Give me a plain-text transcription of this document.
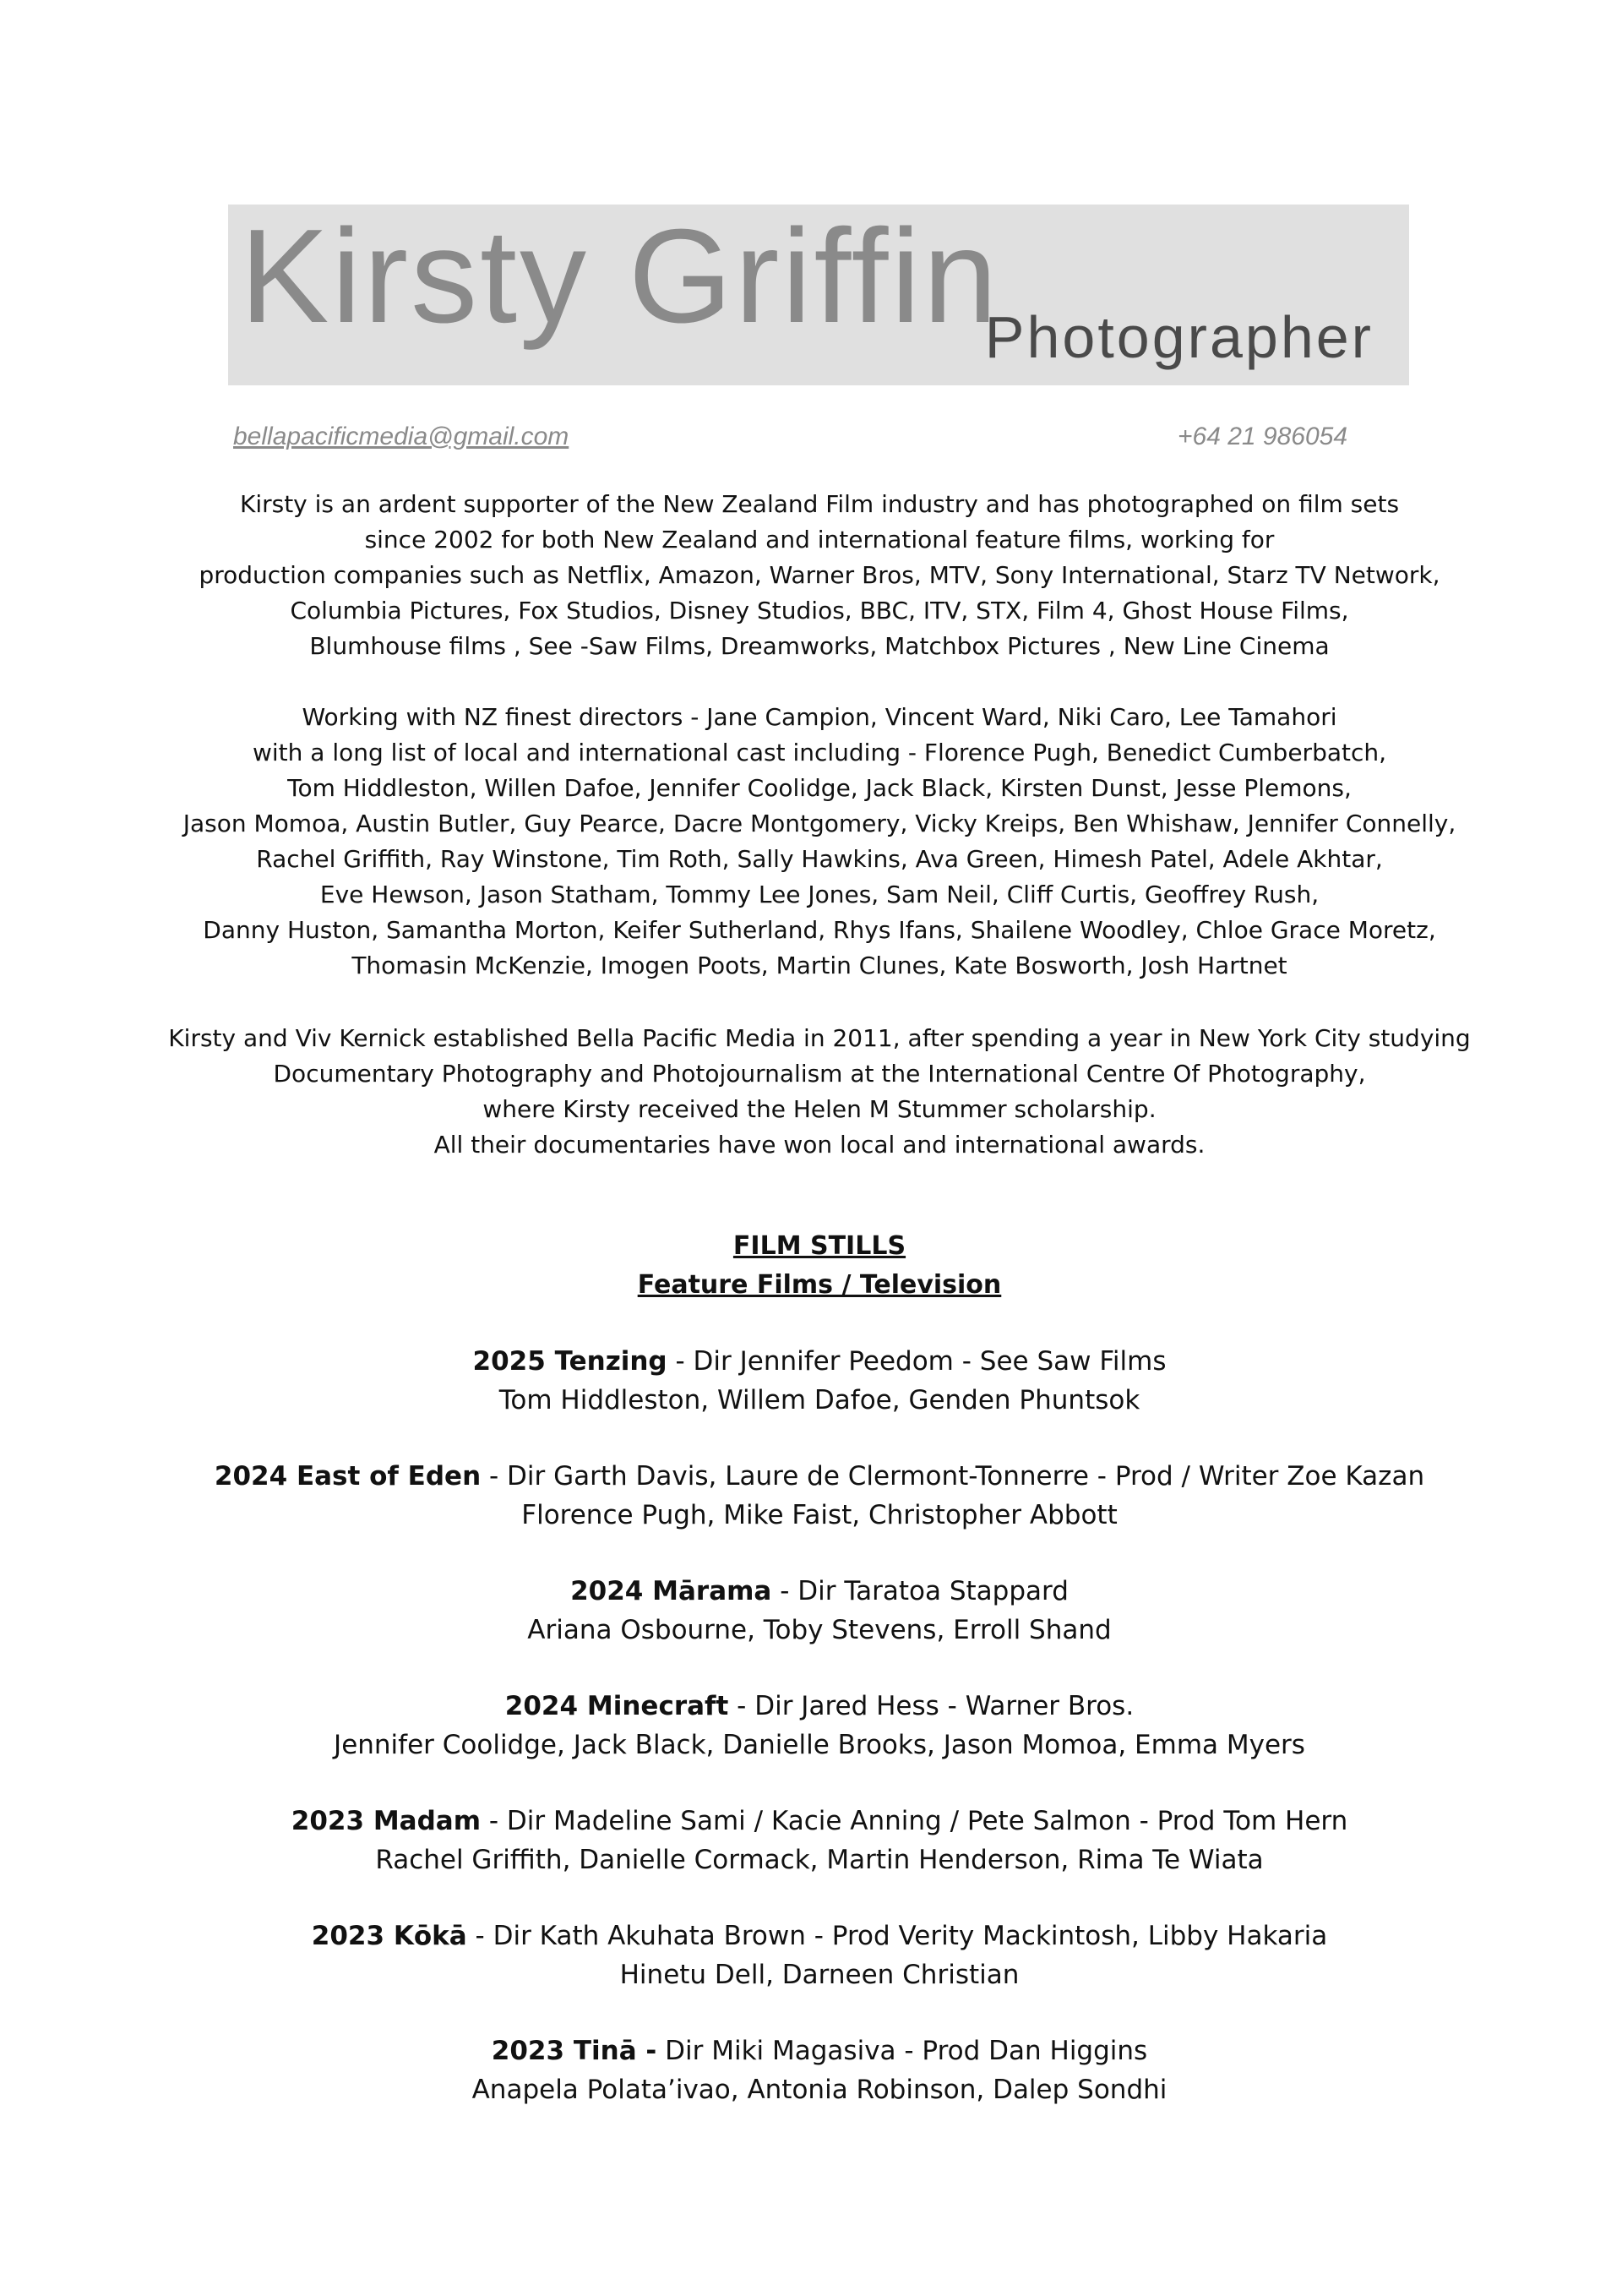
Kirsty Griffin
Photographer
bellapacificmedia@gmail.com	+64 21 986054

Kirsty is an ardent supporter of the New Zealand Film industry and has photographed on film sets

since 2002 for both New Zealand and international feature films, working for

production companies such as Netflix, Amazon, Warner Bros, MTV, Sony International, Starz TV Network,

Columbia Pictures, Fox Studios, Disney Studios, BBC, ITV, STX, Film 4, Ghost House Films,

Blumhouse films , See -Saw Films, Dreamworks, Matchbox Pictures , New Line Cinema

Working with NZ finest directors - Jane Campion, Vincent Ward, Niki Caro, Lee Tamahori

with a long list of local and international cast including - Florence Pugh, Benedict Cumberbatch,

Tom Hiddleston, Willen Dafoe, Jennifer Coolidge, Jack Black, Kirsten Dunst, Jesse Plemons,

Jason Momoa, Austin Butler, Guy Pearce, Dacre Montgomery, Vicky Kreips, Ben Whishaw, Jennifer Connelly,

Rachel Griffith, Ray Winstone, Tim Roth, Sally Hawkins, Ava Green, Himesh Patel, Adele Akhtar,

Eve Hewson, Jason Statham, Tommy Lee Jones, Sam Neil, Cliff Curtis, Geoffrey Rush,

Danny Huston, Samantha Morton, Keifer Sutherland, Rhys Ifans, Shailene Woodley, Chloe Grace Moretz,

Thomasin McKenzie, Imogen Poots, Martin Clunes, Kate Bosworth, Josh Hartnet

Kirsty and Viv Kernick established Bella Pacific Media in 2011, after spending a year in New York City studying

Documentary Photography and Photojournalism at the International Centre Of Photography,

where Kirsty received the Helen M Stummer scholarship.

All their documentaries have won local and international awards.

FILM STILLS
Feature Films / Television
2025 Tenzing - Dir Jennifer Peedom - See Saw Films
Tom Hiddleston, Willem Dafoe, Genden Phuntsok
2024 East of Eden - Dir Garth Davis, Laure de Clermont-Tonnerre - Prod / Writer Zoe Kazan
Florence Pugh, Mike Faist, Christopher Abbott
2024 Mārama - Dir Taratoa Stappard
Ariana Osbourne, Toby Stevens, Erroll Shand
2024 Minecraft - Dir Jared Hess - Warner Bros.
Jennifer Coolidge, Jack Black, Danielle Brooks, Jason Momoa, Emma Myers
2023 Madam - Dir Madeline Sami / Kacie Anning / Pete Salmon - Prod Tom Hern
Rachel Griffith, Danielle Cormack, Martin Henderson, Rima Te Wiata
2023 Kōkā - Dir Kath Akuhata Brown - Prod Verity Mackintosh, Libby Hakaria
Hinetu Dell, Darneen Christian
2023 Tinā - Dir Miki Magasiva - Prod Dan Higgins
Anapela Polata’ivao, Antonia Robinson, Dalep Sondhi
